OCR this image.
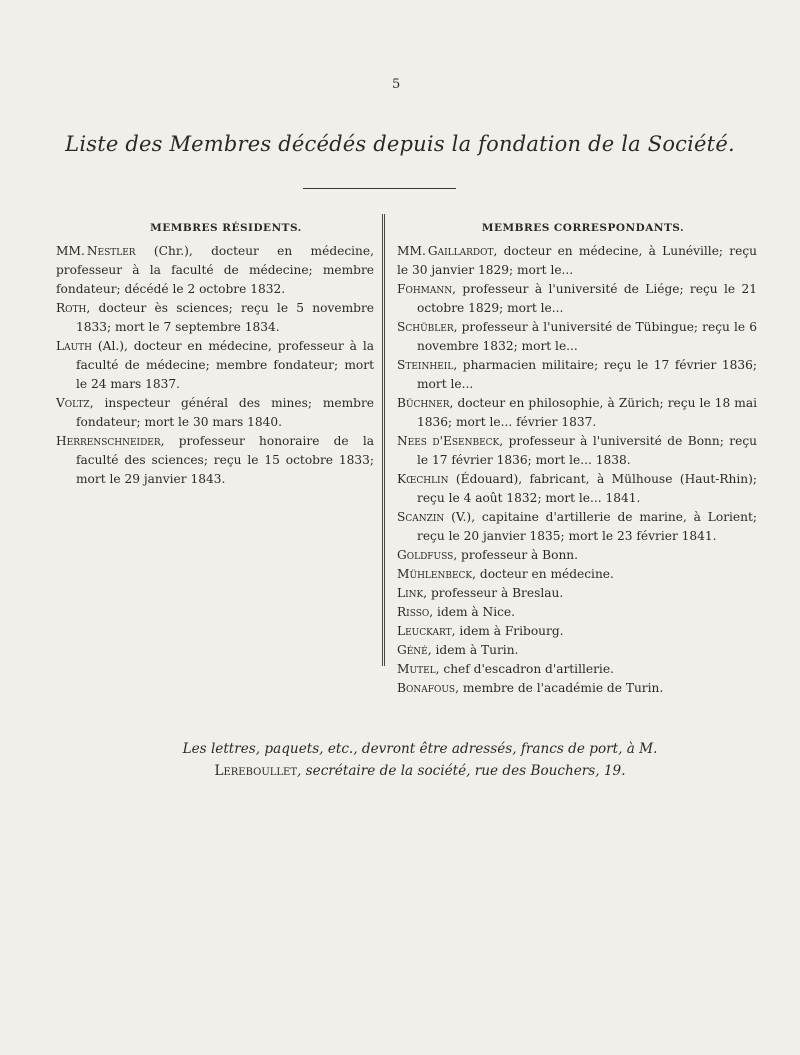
5
Liste des Membres décédés depuis la fondation de la Société.
MEMBRES RÉSIDENTS.

MM. Nestler (Chr.), docteur en médecine, professeur à la faculté de médecine; membre fondateur; décédé le 2 octobre 1832.

Roth, docteur ès sciences; reçu le 5 novembre 1833; mort le 7 septembre 1834.

Lauth (Al.), docteur en médecine, professeur à la faculté de médecine; membre fondateur; mort le 24 mars 1837.

Voltz, inspecteur général des mines; membre fondateur; mort le 30 mars 1840.

Herrenschneider, professeur honoraire de la faculté des sciences; reçu le 15 octobre 1833; mort le 29 janvier 1843.

MEMBRES CORRESPONDANTS.

MM. Gaillardot, docteur en médecine, à Lunéville; reçu le 30 janvier 1829; mort le...

Fohmann, professeur à l'université de Liége; reçu le 21 octobre 1829; mort le...

Schübler, professeur à l'université de Tübingue; reçu le 6 novembre 1832; mort le...

Steinheil, pharmacien militaire; reçu le 17 février 1836; mort le...

Büchner, docteur en philosophie, à Zürich; reçu le 18 mai 1836; mort le... février 1837.

Nees d'Esenbeck, professeur à l'université de Bonn; reçu le 17 février 1836; mort le... 1838.

Kœchlin (Édouard), fabricant, à Mülhouse (Haut-Rhin); reçu le 4 août 1832; mort le... 1841.

Scanzin (V.), capitaine d'artillerie de marine, à Lorient; reçu le 20 janvier 1835; mort le 23 février 1841.

Goldfuss, professeur à Bonn.

Mühlenbeck, docteur en médecine.

Link, professeur à Breslau.

Risso, idem à Nice.

Leuckart, idem à Fribourg.

Géné, idem à Turin.

Mutel, chef d'escadron d'artillerie.

Bonafous, membre de l'académie de Turin.

Les lettres, paquets, etc., devront être adressés, francs de port, à M. Lereboullet, secrétaire de la société, rue des Bouchers, 19.
